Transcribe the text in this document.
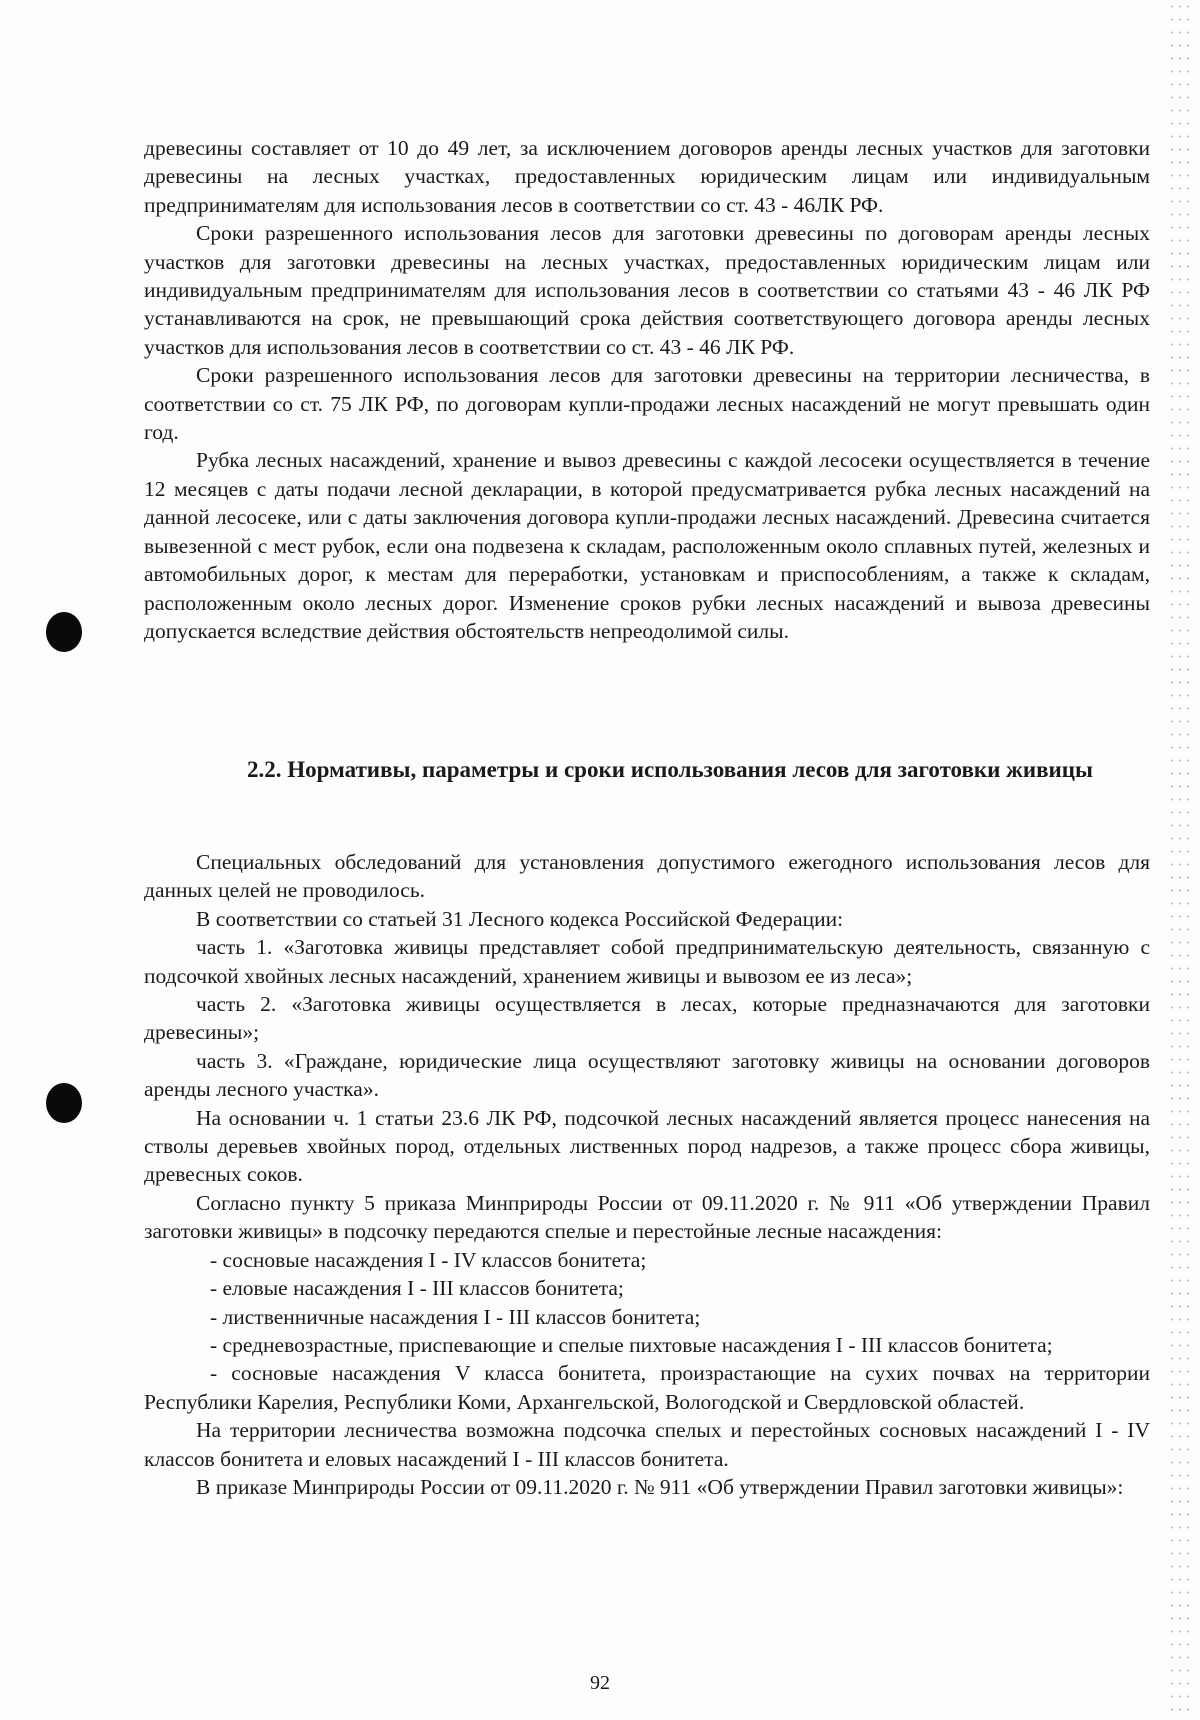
древесины составляет от 10 до 49 лет, за исключением договоров аренды лесных участков для заготовки древесины на лесных участках, предоставленных юридическим лицам или индивидуальным предпринимателям для использования лесов в соответствии со ст. 43 - 46ЛК РФ.

Сроки разрешенного использования лесов для заготовки древесины по договорам аренды лесных участков для заготовки древесины на лесных участках, предоставленных юридическим лицам или индивидуальным предпринимателям для использования лесов в соответствии со статьями 43 - 46 ЛК РФ устанавливаются на срок, не превышающий срока действия соответствующего договора аренды лесных участков для использования лесов в соответствии со ст. 43 - 46 ЛК РФ.

Сроки разрешенного использования лесов для заготовки древесины на территории лесничества, в соответствии со ст. 75 ЛК РФ, по договорам купли-продажи лесных насаждений не могут превышать один год.

Рубка лесных насаждений, хранение и вывоз древесины с каждой лесосеки осуществляется в течение 12 месяцев с даты подачи лесной декларации, в которой предусматривается рубка лесных насаждений на данной лесосеке, или с даты заключения договора купли-продажи лесных насаждений. Древесина считается вывезенной с мест рубок, если она подвезена к складам, расположенным около сплавных путей, железных и автомобильных дорог, к местам для переработки, установкам и приспособлениям, а также к складам, расположенным около лесных дорог. Изменение сроков рубки лесных насаждений и вывоза древесины допускается вследствие действия обстоятельств непреодолимой силы.

2.2. Нормативы, параметры и сроки использования лесов для заготовки живицы

Специальных обследований для установления допустимого ежегодного использования лесов для данных целей не проводилось.

В соответствии со статьей 31 Лесного кодекса Российской Федерации:

часть 1. «Заготовка живицы представляет собой предпринимательскую деятельность, связанную с подсочкой хвойных лесных насаждений, хранением живицы и вывозом ее из леса»;

часть 2. «Заготовка живицы осуществляется в лесах, которые предназначаются для заготовки древесины»;

часть 3. «Граждане, юридические лица осуществляют заготовку живицы на основании договоров аренды лесного участка».

На основании ч. 1 статьи 23.6 ЛК РФ, подсочкой лесных насаждений является процесс нанесения на стволы деревьев хвойных пород, отдельных лиственных пород надрезов, а также процесс сбора живицы, древесных соков.

Согласно пункту 5 приказа Минприроды России от 09.11.2020 г. № 911 «Об утверждении Правил заготовки живицы» в подсочку передаются спелые и перестойные лесные насаждения:

- сосновые насаждения I - IV классов бонитета;

- еловые насаждения I - III классов бонитета;

- лиственничные насаждения I - III классов бонитета;

- средневозрастные, приспевающие и спелые пихтовые насаждения I - III классов бонитета;

- сосновые насаждения V класса бонитета, произрастающие на сухих почвах на территории Республики Карелия, Республики Коми, Архангельской, Вологодской и Свердловской областей.

На территории лесничества возможна подсочка спелых и перестойных сосновых насаждений I - IV классов бонитета и еловых насаждений I - III классов бонитета.

В приказе Минприроды России от 09.11.2020 г. № 911 «Об утверждении Правил заготовки живицы»:

92
